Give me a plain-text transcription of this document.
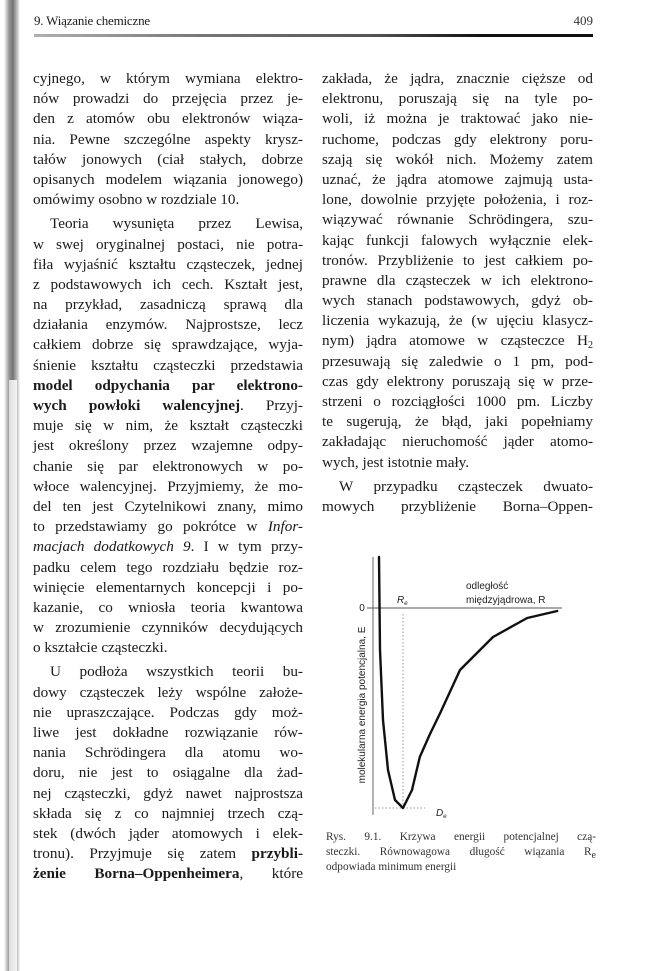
9. Wiązanie chemiczne	409
cyjnego, w którym wymiana elektro-
nów prowadzi do przejęcia przez je-
den z atomów obu elektronów wiąza-
nia. Pewne szczególne aspekty krysz-
tałów jonowych (ciał stałych, dobrze
opisanych modelem wiązania jonowego)
omówimy osobno w rozdziale 10.
Teoria wysunięta przez Lewisa,
w swej oryginalnej postaci, nie potra-
fiła wyjaśnić kształtu cząsteczek, jednej
z podstawowych ich cech. Kształt jest,
na przykład, zasadniczą sprawą dla
działania enzymów. Najprostsze, lecz
całkiem dobrze się sprawdzające, wyja-
śnienie kształtu cząsteczki przedstawia
model odpychania par elektrono-
wych powłoki walencyjnej. Przyj-
muje się w nim, że kształt cząsteczki
jest określony przez wzajemne odpy-
chanie się par elektronowych w po-
włoce walencyjnej. Przyjmiemy, że mo-
del ten jest Czytelnikowi znany, mimo
to przedstawiamy go pokrótce w Infor-
macjach dodatkowych 9. I w tym przy-
padku celem tego rozdziału będzie roz-
winięcie elementarnych koncepcji i po-
kazanie, co wniosła teoria kwantowa
w zrozumienie czynników decydujących
o kształcie cząsteczki.
U podłoża wszystkich teorii bu-
dowy cząsteczek leży wspólne założe-
nie upraszczające. Podczas gdy moż-
liwe jest dokładne rozwiązanie rów-
nania Schrödingera dla atomu wo-
doru, nie jest to osiągalne dla żad-
nej cząsteczki, gdyż nawet najprostsza
składa się z co najmniej trzech czą-
stek (dwóch jąder atomowych i elek-
tronu). Przyjmuje się zatem przybli-
żenie Borna–Oppenheimera, które
zakłada, że jądra, znacznie cięższe od
elektronu, poruszają się na tyle po-
woli, iż można je traktować jako nie-
ruchome, podczas gdy elektrony poru-
szają się wokół nich. Możemy zatem
uznać, że jądra atomowe zajmują usta-
lone, dowolnie przyjęte położenia, i roz-
wiązywać równanie Schrödingera, szu-
kając funkcji falowych wyłącznie elek-
tronów. Przybliżenie to jest całkiem po-
prawne dla cząsteczek w ich elektrono-
wych stanach podstawowych, gdyż ob-
liczenia wykazują, że (w ujęciu klasycz-
nym) jądra atomowe w cząsteczce $H_2$
przesuwają się zaledwie o 1 pm, pod-
czas gdy elektrony poruszają się w prze-
strzeni o rozciągłości 1000 pm. Liczby
te sugerują, że błąd, jaki popełniamy
zakładając nieruchomość jąder atomo-
wych, jest istotnie mały.
W przypadku cząsteczek dwuato-
mowych przybliżenie Borna–Oppen-
0
odległość
międzyjądrowa, R
molekularna energia potencjalna, E
$R_e$
$D_e$
Rys. 9.1. Krzywa energii potencjalnej czą-
steczki. Równowagowa długość wiązania $R_e$
odpowiada minimum energii
